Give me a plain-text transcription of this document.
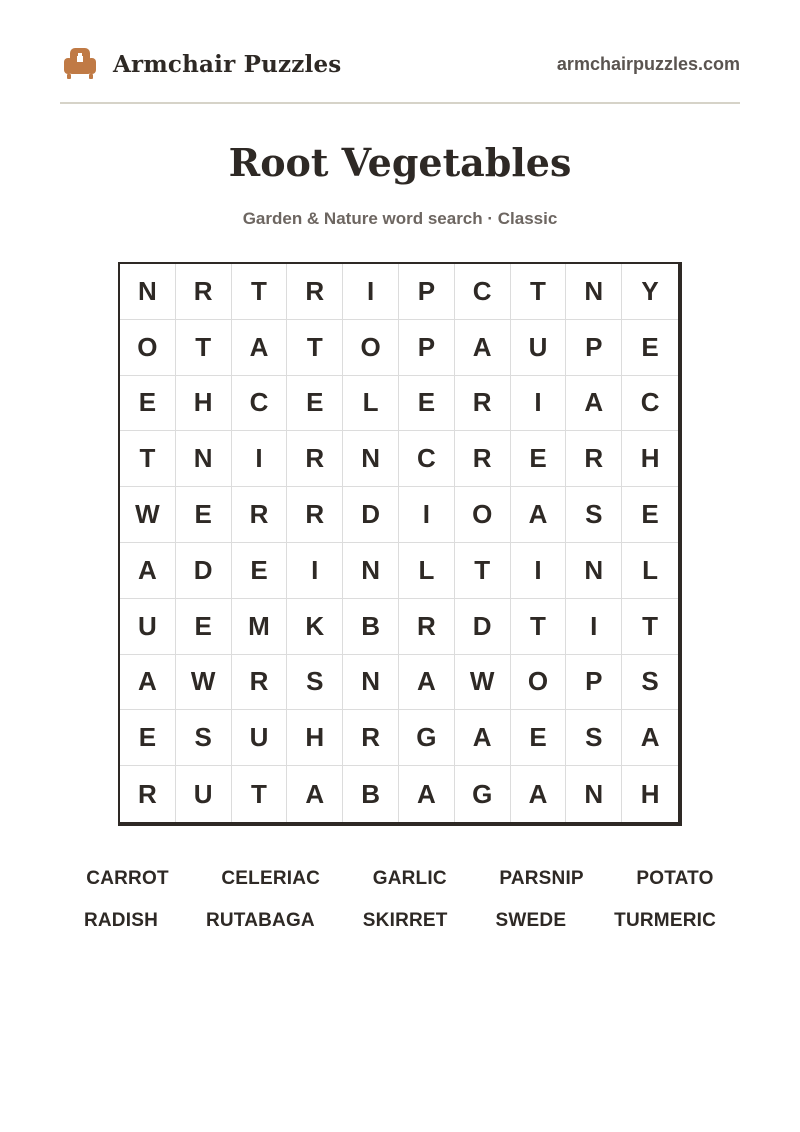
Armchair Puzzles	armchairpuzzles.com
Root Vegetables
Garden & Nature word search · Classic
N	R	T	R	I	P	C	T	N	Y
O	T	A	T	O	P	A	U	P	E
E	H	C	E	L	E	R	I	A	C
T	N	I	R	N	C	R	E	R	H
W	E	R	R	D	I	O	A	S	E
A	D	E	I	N	L	T	I	N	L
U	E	M	K	B	R	D	T	I	T
A	W	R	S	N	A	W	O	P	S
E	S	U	H	R	G	A	E	S	A
R	U	T	A	B	A	G	A	N	H
CARROT	CELERIAC	GARLIC	PARSNIP	POTATO
RADISH	RUTABAGA	SKIRRET	SWEDE	TURMERIC
